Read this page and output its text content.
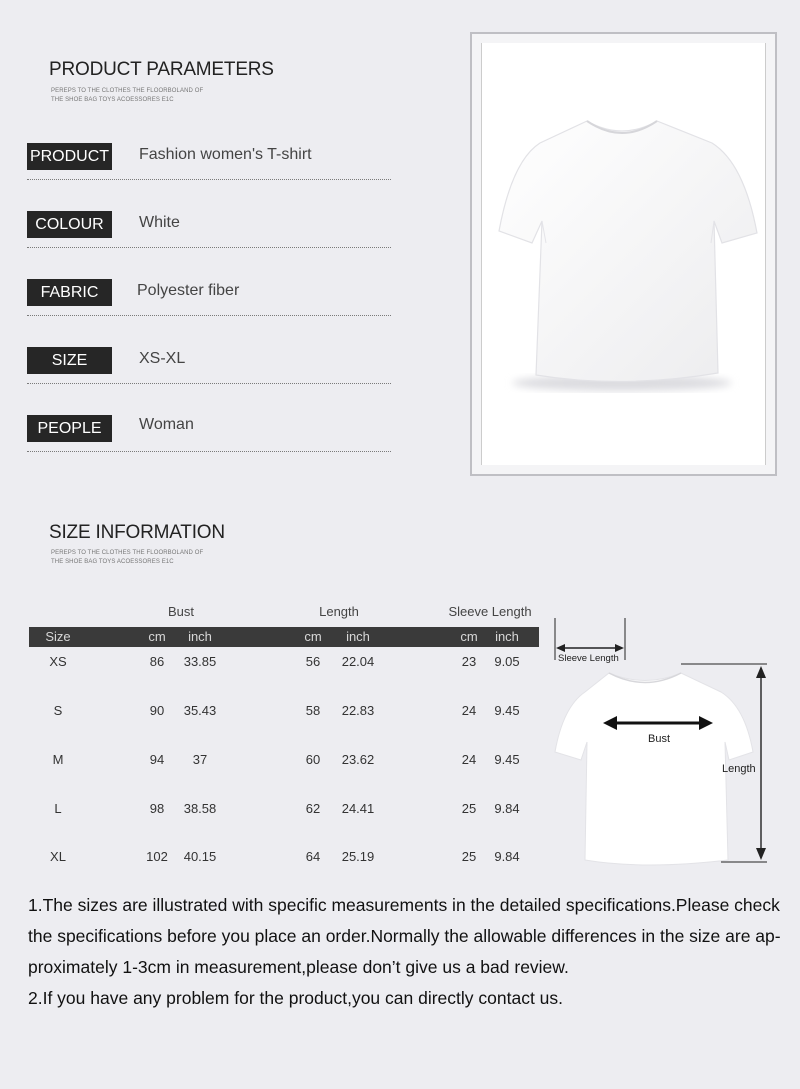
PRODUCT PARAMETERS
PEREPS TO THE CLOTHES THE FLOORBOLAND OF
THE SHOE BAG TOYS ACOESSORES E1C
PRODUCT Fashion women's T-shirt
COLOUR	White
FABRIC	Polyester fiber
SIZE	XS-XL
PEOPLE	Woman
SIZE INFORMATION
PEREPS TO THE CLOTHES THE FLOORBOLAND OF
THE SHOE BAG TOYS ACOESSORES E1C
Bust	Length	Sleeve Length
Size	cm	inch	cm	inch	cm	inch
XS	86	33.85	56	22.04	23	9.05
S	90	35.43	58	22.83	24	9.45
M	94	37	60	23.62	24	9.45
L	98	38.58	62	24.41	25	9.84
XL	102	40.15	64	25.19	25	9.84
Sleeve Length
Bust
Length

1.The sizes are illustrated with specific measurements in the detailed specifications.Please check the specifications before you place an order.Normally the allowable differences in the size are ap-proximately 1-3cm in measurement,please don’t give us a bad review.

2.If you have any problem for the product,you can directly contact us.
